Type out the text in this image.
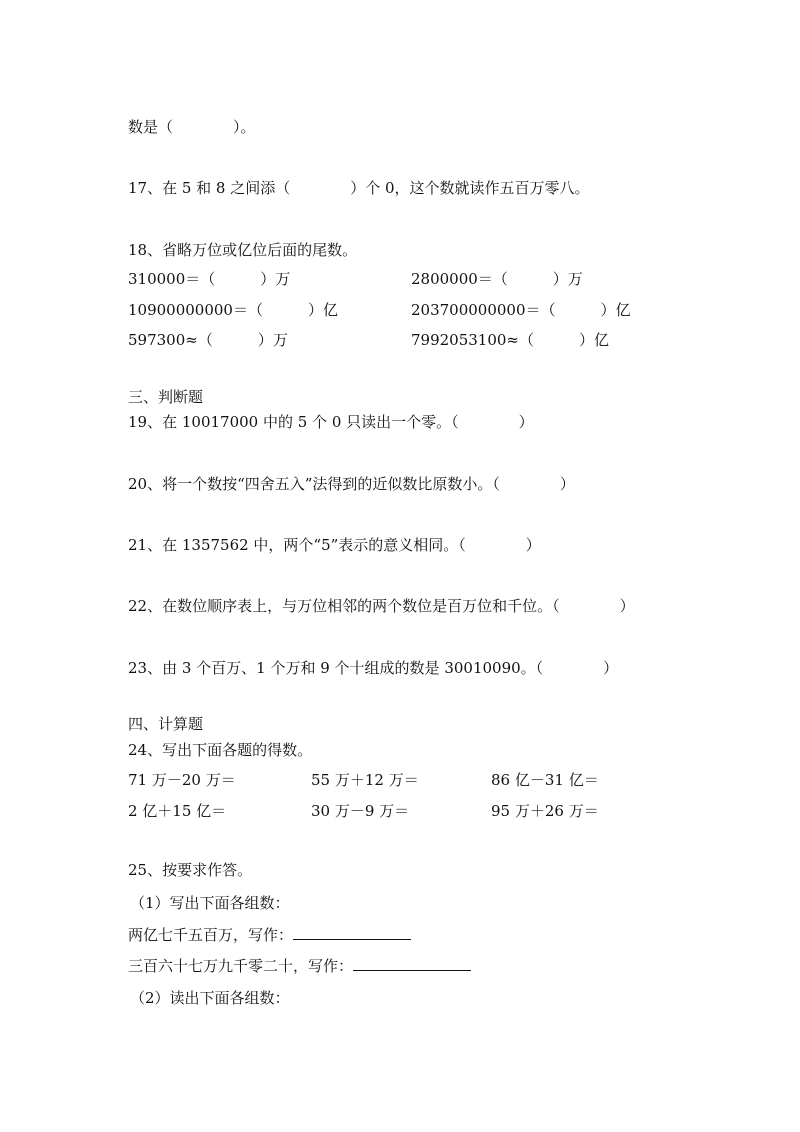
数是（　　　　）。
17、在 5 和 8 之间添（　　　　）个 0，这个数就读作五百万零八。
18、省略万位或亿位后面的尾数。
310000＝（　　　）万	2800000＝（　　　）万
10900000000＝（　　　）亿	203700000000＝（　　　）亿
597300≈（　　　）万	7992053100≈（　　　）亿
三、判断题
19、在 10017000 中的 5 个 0 只读出一个零。（　　　　）
20、将一个数按“四舍五入”法得到的近似数比原数小。（　　　　）
21、在 1357562 中，两个“5”表示的意义相同。（　　　　）
22、在数位顺序表上，与万位相邻的两个数位是百万位和千位。（　　　　）
23、由 3 个百万、1 个万和 9 个十组成的数是 30010090。（　　　　）
四、计算题
24、写出下面各题的得数。
71 万－20 万＝	55 万＋12 万＝	86 亿－31 亿＝
2 亿＋15 亿＝	30 万－9 万＝	95 万＋26 万＝
25、按要求作答。
（1）写出下面各组数：
两亿七千五百万，写作：
三百六十七万九千零二十，写作：
（2）读出下面各组数：
